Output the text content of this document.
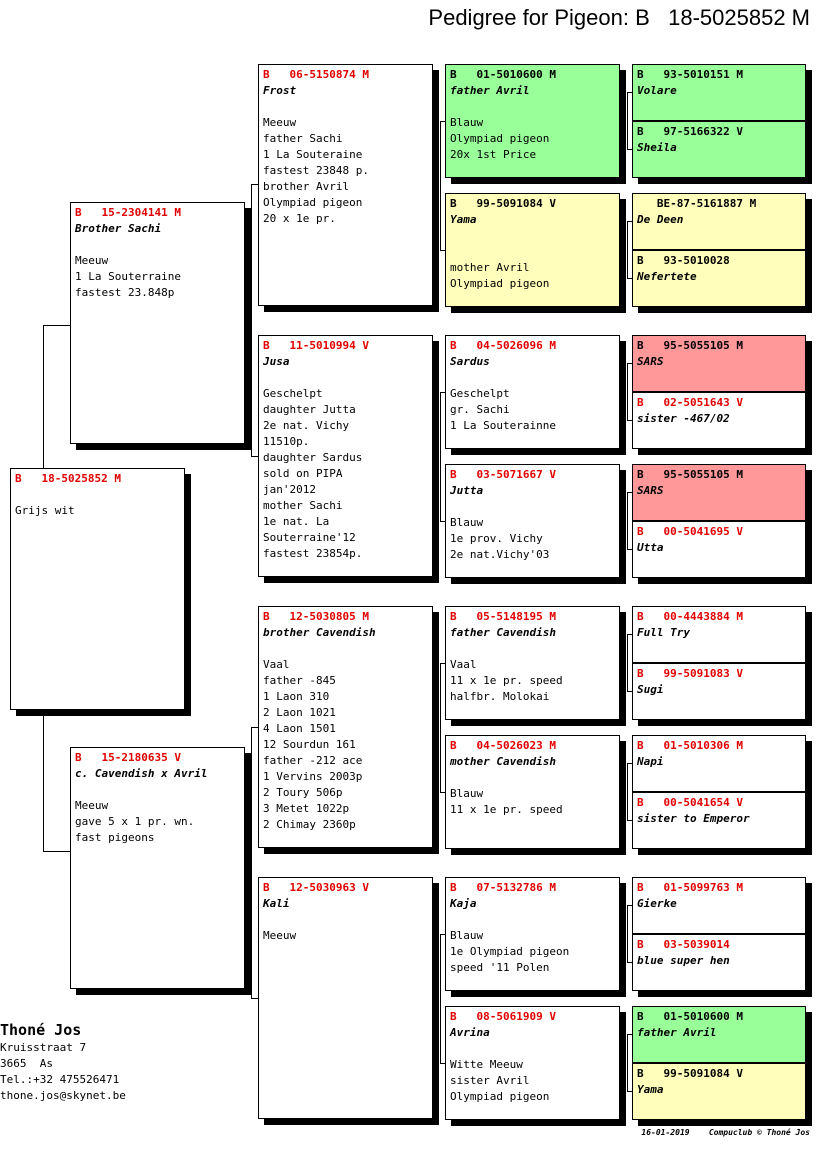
Pedigree for Pigeon: B   18-5025852 M
B   18-5025852 M
Grijs wit
B   15-2304141 M
Brother Sachi
Meeuw
1 La Souterraine
fastest 23.848p
B   15-2180635 V
c. Cavendish x Avril
Meeuw
gave 5 x 1 pr. wn.
fast pigeons
B   06-5150874 M
Frost
Meeuw
father Sachi
1 La Souteraine
fastest 23848 p.
brother Avril
Olympiad pigeon
20 x 1e pr.
B   11-5010994 V
Jusa
Geschelpt
daughter Jutta
2e nat. Vichy
11510p.
daughter Sardus
sold on PIPA
jan'2012
mother Sachi
1e nat. La
Souterraine'12
fastest 23854p.
B   12-5030805 M
brother Cavendish
Vaal
father -845
1 Laon 310
2 Laon 1021
4 Laon 1501
12 Sourdun 161
father -212 ace
1 Vervins 2003p
2 Toury 506p
3 Metet 1022p
2 Chimay 2360p
B   12-5030963 V
Kali
Meeuw
B   01-5010600 M
father Avril
Blauw
Olympiad pigeon
20x 1st Price
B   99-5091084 V
Yama
mother Avril
Olympiad pigeon
B   04-5026096 M
Sardus
Geschelpt
gr. Sachi
1 La Souterainne
B   03-5071667 V
Jutta
Blauw
1e prov. Vichy
2e nat.Vichy'03
B   05-5148195 M
father Cavendish
Vaal
11 x 1e pr. speed
halfbr. Molokai
B   04-5026023 M
mother Cavendish
Blauw
11 x 1e pr. speed
B   07-5132786 M
Kaja
Blauw
1e Olympiad pigeon
speed '11 Polen
B   08-5061909 V
Avrina
Witte Meeuw
sister Avril
Olympiad pigeon
B   93-5010151 M
Volare
B   97-5166322 V
Sheila
BE-87-5161887 M
De Deen
B   93-5010028
Nefertete
B   95-5055105 M
SARS
B   02-5051643 V
sister -467/02
B   95-5055105 M
SARS
B   00-5041695 V
Utta
B   00-4443884 M
Full Try
B   99-5091083 V
Sugi
B   01-5010306 M
Napi
B   00-5041654 V
sister to Emperor
B   01-5099763 M
Gierke
B   03-5039014
blue super hen
B   01-5010600 M
father Avril
B   99-5091084 V
Yama
Thoné Jos
Kruisstraat 7
3665  As
Tel.:+32 475526471
thone.jos@skynet.be
16-01-2019 Compuclub © Thoné Jos
